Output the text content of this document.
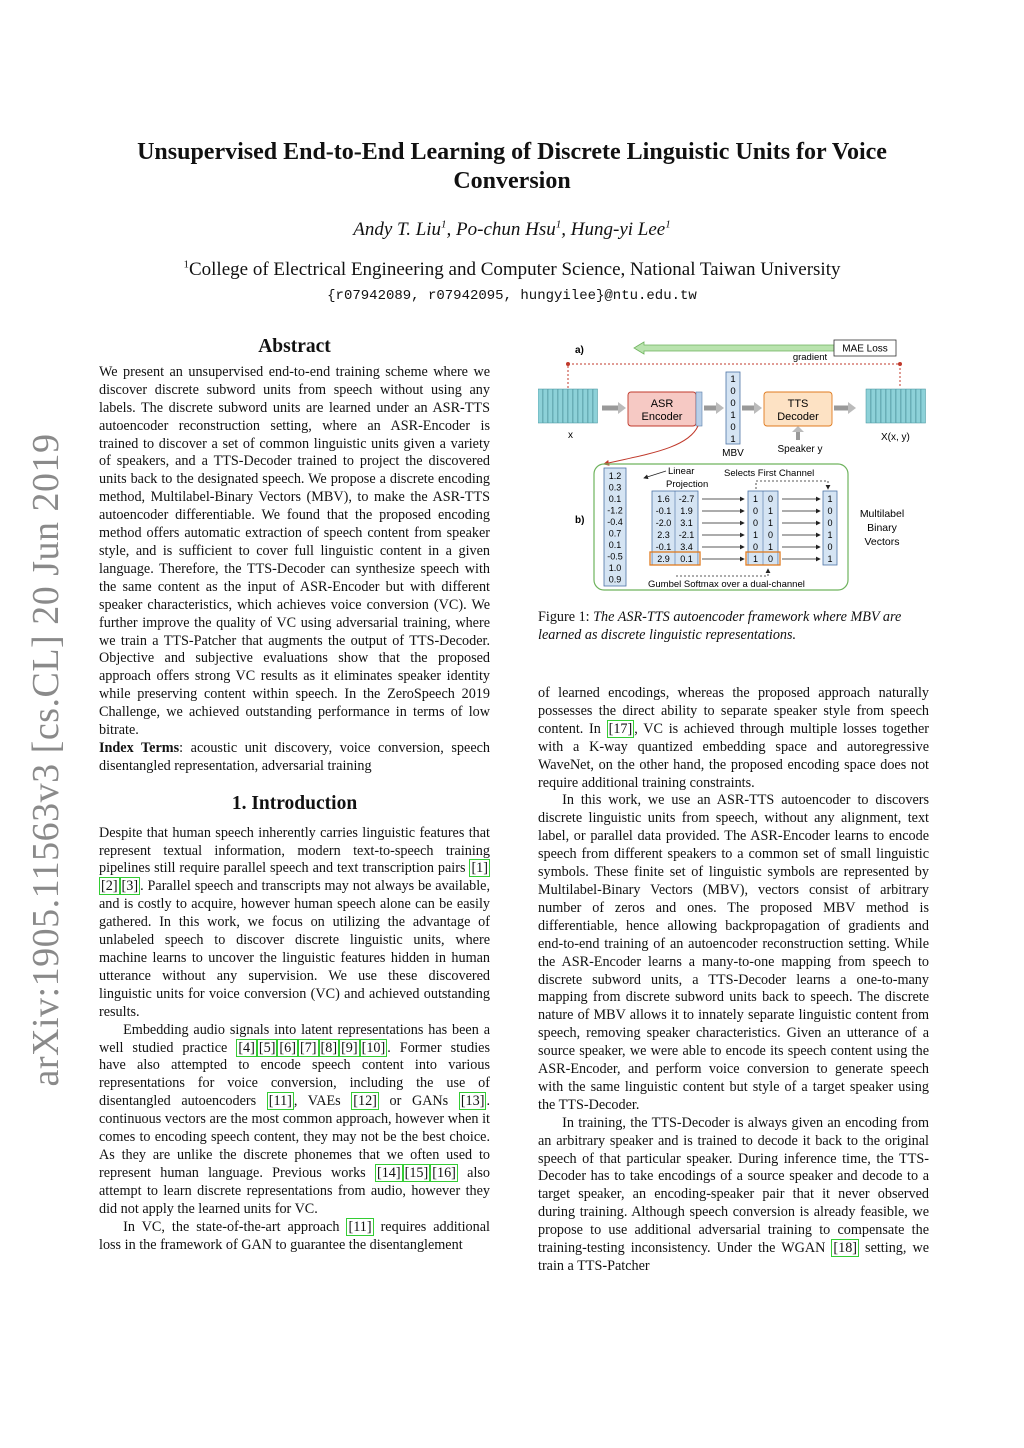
arXiv:1905.11563v3 [cs.CL] 20 Jun 2019
Unsupervised End-to-End Learning of Discrete Linguistic Units for Voice Conversion
Andy T. Liu$^1$, Po-chun Hsu$^1$, Hung-yi Lee$^1$
$^1$College of Electrical Engineering and Computer Science, National Taiwan University
{r07942089, r07942095, hungyilee}@ntu.edu.tw
Abstract

We present an unsupervised end-to-end training scheme where we discover discrete subword units from speech without using any labels. The discrete subword units are learned under an ASR-TTS autoencoder reconstruction setting, where an ASR-Encoder is trained to discover a set of common linguistic units given a variety of speakers, and a TTS-Decoder trained to project the discovered units back to the designated speech. We propose a discrete encoding method, Multilabel-Binary Vectors (MBV), to make the ASR-TTS autoencoder differentiable. We found that the proposed encoding method offers automatic extraction of speech content from speaker style, and is sufficient to cover full linguistic content in a given language. Therefore, the TTS-Decoder can synthesize speech with the same content as the input of ASR-Encoder but with different speaker characteristics, which achieves voice conversion (VC). We further improve the quality of VC using adversarial training, where we train a TTS-Patcher that augments the output of TTS-Decoder. Objective and subjective evaluations show that the proposed approach offers strong VC results as it eliminates speaker identity while preserving content within speech. In the ZeroSpeech 2019 Challenge, we achieved outstanding performance in terms of low bitrate.

Index Terms: acoustic unit discovery, voice conversion, speech disentangled representation, adversarial training

1. Introduction

Despite that human speech inherently carries linguistic features that represent textual information, modern text-to-speech training pipelines still require parallel speech and text transcription pairs [1][2] [3] . Parallel speech and transcripts may not always be available, and is costly to acquire, however human speech alone can be easily gathered. In this work, we focus on utilizing the advantage of unlabeled speech to discover discrete linguistic units, where machine learns to uncover the linguistic features hidden in human utterance without any supervision. We use these discovered linguistic units for voice conversion (VC) and achieved outstanding results.

Embedding audio signals into latent representations has been a well studied practice [4] [5] [6] [7] [8] [9] [10] . Former studies have also attempted to encode speech content into various representations for voice conversion, including the use of disentangled autoencoders [11] , VAEs [12] or GANs [13] . continuous vectors are the most common approach, however when it comes to encoding speech content, they may not be the best choice. As they are unlike the discrete phonemes that we often used to represent human language. Previous works [14] [15] [16] also attempt to learn discrete representations from audio, however they did not apply the learned units for VC.

In VC, the state-of-the-art approach [11] requires additional loss in the framework of GAN to guarantee the disentanglement

a)
b)
MAE Loss
gradient
x
ASR
Encoder
1
0
0
1
0
1
MBV
TTS
Decoder
Speaker y
X(x, y)
1.2
0.3
0.1
-1.2
-0.4
0.7
0.1
-0.5
1.0
0.9
Linear
Projection
1.6
-0.1
-2.0
2.3
-0.1
2.9
-2.7
1.9
3.1
-2.1
3.4
0.1
1
0
0
1
0
1
0
1
1
0
1
0
Selects First Channel
1
0
0
1
0
1
Multilabel
Binary
Vectors
Gumbel Softmax over a dual-channel
Figure 1: The ASR-TTS autoencoder framework where MBV are learned as discrete linguistic representations.

of learned encodings, whereas the proposed approach naturally possesses the direct ability to separate speaker style from speech content. In [17] , VC is achieved through multiple losses together with a K-way quantized embedding space and autoregressive WaveNet, on the other hand, the proposed encoding space does not require additional training constraints.

In this work, we use an ASR-TTS autoencoder to discovers discrete linguistic units from speech, without any alignment, text label, or parallel data provided. The ASR-Encoder learns to encode speech from different speakers to a common set of small linguistic symbols. These finite set of linguistic symbols are represented by Multilabel-Binary Vectors (MBV), vectors consist of arbitrary number of zeros and ones. The proposed MBV method is differentiable, hence allowing backpropagation of gradients and end-to-end training of an autoencoder reconstruction setting. While the ASR-Encoder learns a many-to-one mapping from speech to discrete subword units, a TTS-Decoder learns a one-to-many mapping from discrete subword units back to speech. The discrete nature of MBV allows it to innately separate linguistic content from speech, removing speaker characteristics. Given an utterance of a source speaker, we were able to encode its speech content using the ASR-Encoder, and perform voice conversion to generate speech with the same linguistic content but style of a target speaker using the TTS-Decoder.

In training, the TTS-Decoder is always given an encoding from an arbitrary speaker and is trained to decode it back to the original speech of that particular speaker. During inference time, the TTS-Decoder has to take encodings of a source speaker and decode to a target speaker, an encoding-speaker pair that it never observed during training. Although speech conversion is already feasible, we propose to use additional adversarial training to compensate the training-testing inconsistency. Under the WGAN [18] setting, we train a TTS-Patcher
